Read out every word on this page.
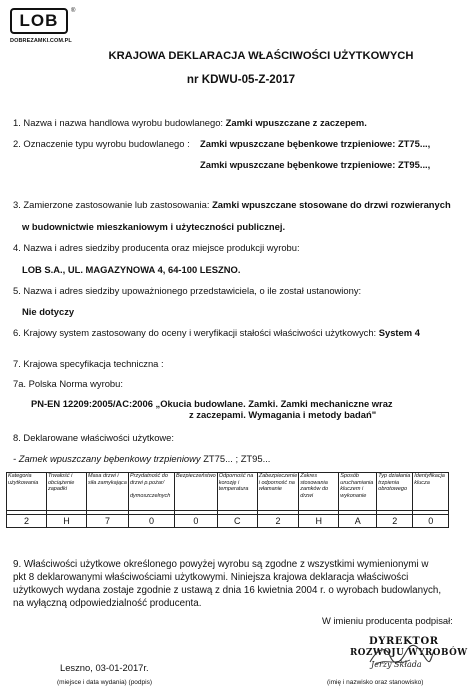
LOB ®
DOBREZAMKI.COM.PL
KRAJOWA DEKLARACJA WŁAŚCIWOŚCI UŻYTKOWYCH
nr KDWU-05-Z-2017
1. Nazwa i nazwa handlowa wyrobu budowlanego: Zamki wpuszczane z zaczepem.
2. Oznaczenie typu wyrobu budowlanego : Zamki wpuszczane bębenkowe trzpieniowe: ZT75...,
Zamki wpuszczane bębenkowe trzpieniowe: ZT95...,
3. Zamierzone zastosowanie lub zastosowania: Zamki wpuszczane stosowane do drzwi rozwieranych
w budownictwie mieszkaniowym i użyteczności publicznej.
4. Nazwa i adres siedziby producenta oraz miejsce produkcji wyrobu:
LOB S.A., UL. MAGAZYNOWA 4, 64-100 LESZNO.
5. Nazwa i adres siedziby upoważnionego przedstawiciela, o ile został ustanowiony:
Nie dotyczy
6. Krajowy system zastosowany do oceny i weryfikacji stałości właściwości użytkowych: System 4
7. Krajowa specyfikacja techniczna :
7a. Polska Norma wyrobu:
PN-EN 12209:2005/AC:2006 „Okucia budowlane. Zamki. Zamki mechaniczne wraz
z zaczepami. Wymagania i metody badań"
8. Deklarowane właściwości użytkowe:
- Zamek wpuszczany bębenkowy trzpieniowy ZT75... ; ZT95...
Kategoria użytkowania	Trwałość i obciążenie zapadki	Masa drzwi i siła zamykająca	Przydatność do drzwi p.pożar/

dymoszczelnych	Bezpieczeństwo	Odporność na korozję i temperatura	Zabezpieczenie i odporność na włamanie	Zakres stosowania zamków do drzwi	Sposób uruchamiania kluczem i wykonanie	Typ działania trzpienia obrotowego	Identyfikacja klucza

2	H	7	0	0	C	2	H	A	2	0
9. Właściwości użytkowe określonego powyżej wyrobu są zgodne z wszystkimi wymienionymi w
pkt 8 deklarowanymi właściwościami użytkowymi. Niniejsza krajowa deklaracja właściwości
użytkowych wydana zostaje zgodnie z ustawą z dnia 16 kwietnia 2004 r. o wyrobach budowlanych,
na wyłączną odpowiedzialność producenta.
W imieniu producenta podpisał:
DYREKTOR
ROZWOJU WYROBÓW
Jerzy Składa
Leszno, 03-01-2017r.
(miejsce i data wydania) (podpis)	(imię i nazwisko oraz stanowisko)
